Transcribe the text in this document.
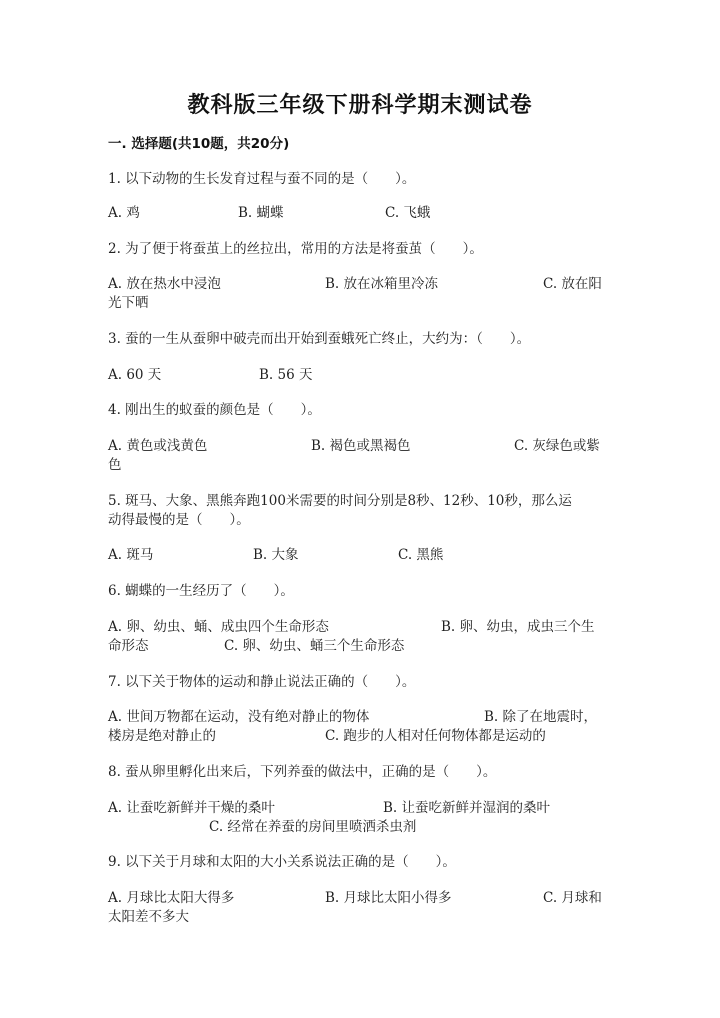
教科版三年级下册科学期末测试卷
一. 选择题(共10题，共20分)
1. 以下动物的生长发育过程与蚕不同的是（　　）。
A. 鸡	B. 蝴蝶	C. 飞蛾
2. 为了便于将蚕茧上的丝拉出，常用的方法是将蚕茧（　　）。
A. 放在热水中浸泡	B. 放在冰箱里冷冻	C. 放在阳
光下晒
3. 蚕的一生从蚕卵中破壳而出开始到蚕蛾死亡终止，大约为：（　　）。
A. 60 天	B. 56 天
4. 刚出生的蚁蚕的颜色是（　　）。
A. 黄色或浅黄色	B. 褐色或黑褐色	C. 灰绿色或紫
色
5. 斑马、大象、黑熊奔跑100米需要的时间分别是8秒、12秒、10秒，那么运
动得最慢的是（　　）。
A. 斑马	B. 大象	C. 黑熊
6. 蝴蝶的一生经历了（　　）。
A. 卵、幼虫、蛹、成虫四个生命形态	B. 卵、幼虫，成虫三个生
命形态	C. 卵、幼虫、蛹三个生命形态
7. 以下关于物体的运动和静止说法正确的（　　）。
A. 世间万物都在运动，没有绝对静止的物体	B. 除了在地震时，
楼房是绝对静止的	C. 跑步的人相对任何物体都是运动的
8. 蚕从卵里孵化出来后，下列养蚕的做法中，正确的是（　　）。
A. 让蚕吃新鲜并干燥的桑叶	B. 让蚕吃新鲜并湿润的桑叶
C. 经常在养蚕的房间里喷洒杀虫剂
9. 以下关于月球和太阳的大小关系说法正确的是（　　）。
A. 月球比太阳大得多	B. 月球比太阳小得多	C. 月球和
太阳差不多大
